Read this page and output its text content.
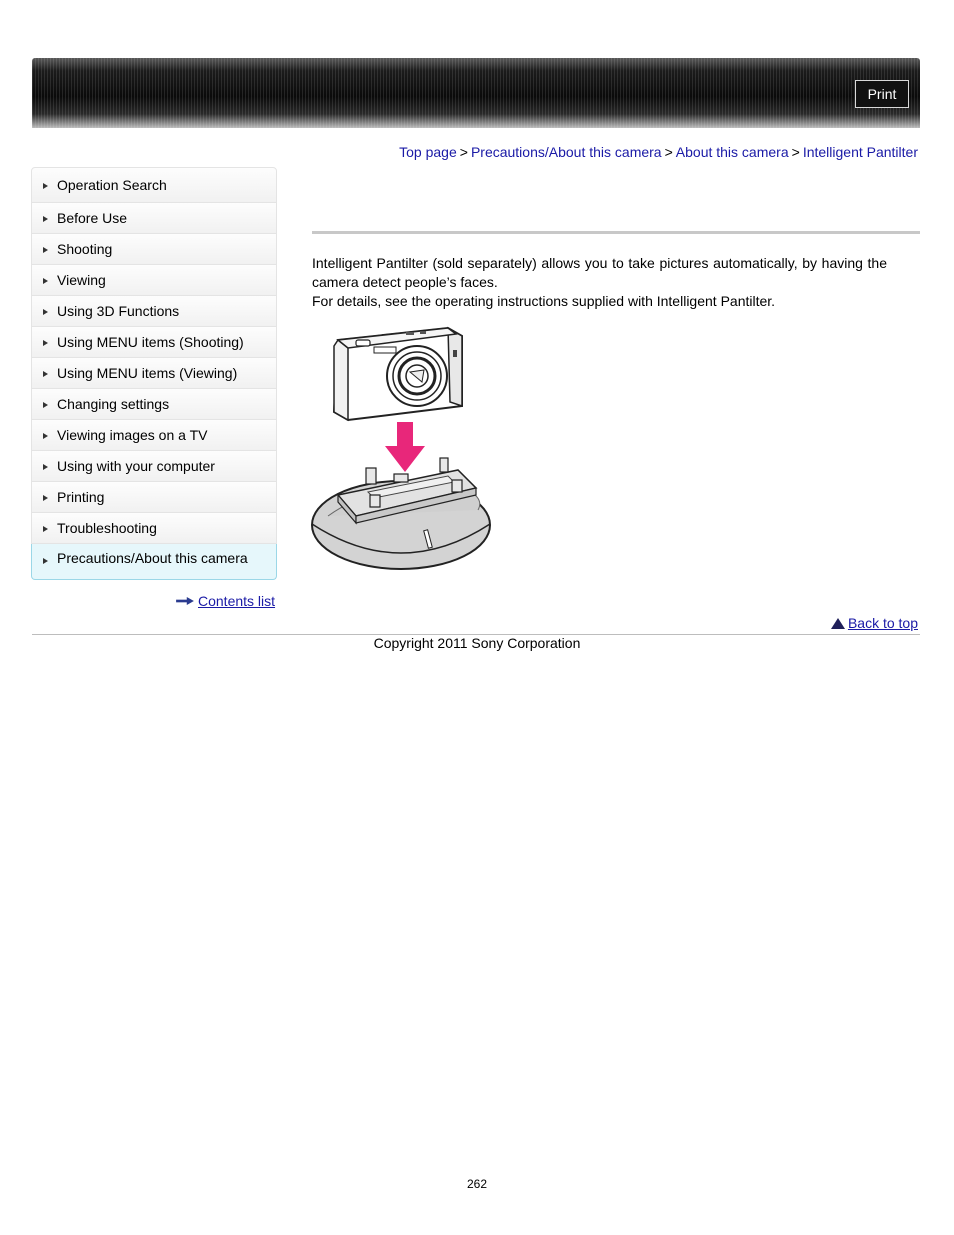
Print
Top page > Precautions/About this camera > About this camera > Intelligent Pantilter
Operation Search
Before Use
Shooting
Viewing
Using 3D Functions
Using MENU items (Shooting)
Using MENU items (Viewing)
Changing settings
Viewing images on a TV
Using with your computer
Printing
Troubleshooting
Precautions/About this camera
Contents list

Intelligent Pantilter (sold separately) allows you to take pictures automatically, by having the camera detect people’s faces.

For details, see the operating instructions supplied with Intelligent Pantilter.

Back to top
Copyright 2011 Sony Corporation
262
